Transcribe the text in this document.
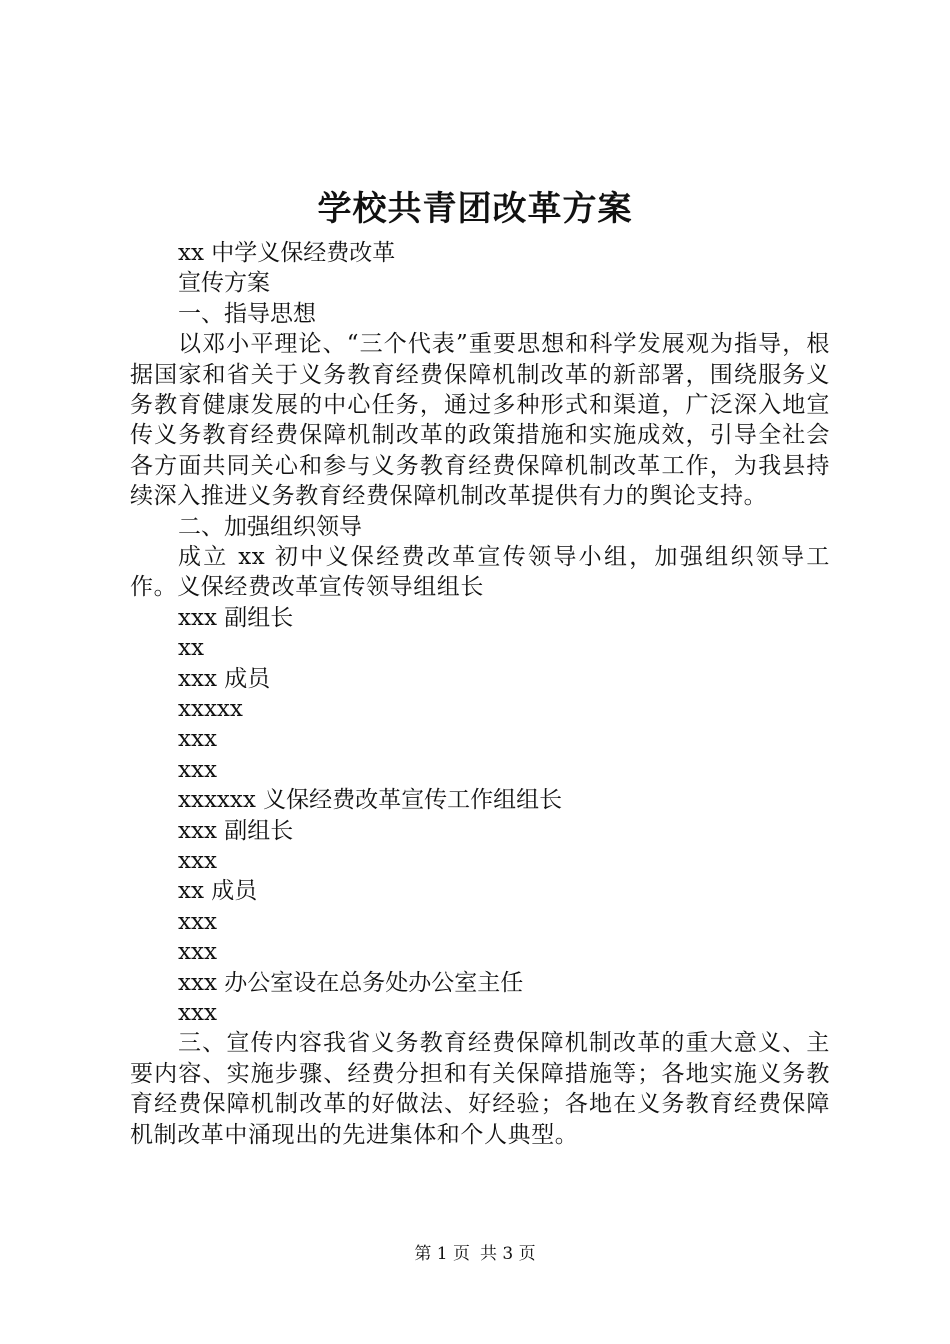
学校共青团改革方案
xx 中学义保经费改革
宣传方案
一、指导思想
以邓小平理论、“三个代表”重要思想和科学发展观为指导，根据国家和省关于义务教育经费保障机制改革的新部署，围绕服务义务教育健康发展的中心任务，通过多种形式和渠道，广泛深入地宣传义务教育经费保障机制改革的政策措施和实施成效，引导全社会各方面共同关心和参与义务教育经费保障机制改革工作，为我县持续深入推进义务教育经费保障机制改革提供有力的舆论支持。
二、加强组织领导
成立 xx 初中义保经费改革宣传领导小组，加强组织领导工作。义保经费改革宣传领导组组长
xxx 副组长
xx
xxx 成员
xxxxx
xxx
xxx
xxxxxx 义保经费改革宣传工作组组长
xxx 副组长
xxx
xx 成员
xxx
xxx
xxx 办公室设在总务处办公室主任
xxx
三、宣传内容我省义务教育经费保障机制改革的重大意义、主要内容、实施步骤、经费分担和有关保障措施等；各地实施义务教育经费保障机制改革的好做法、好经验；各地在义务教育经费保障机制改革中涌现出的先进集体和个人典型。
第 1 页 共 3 页
